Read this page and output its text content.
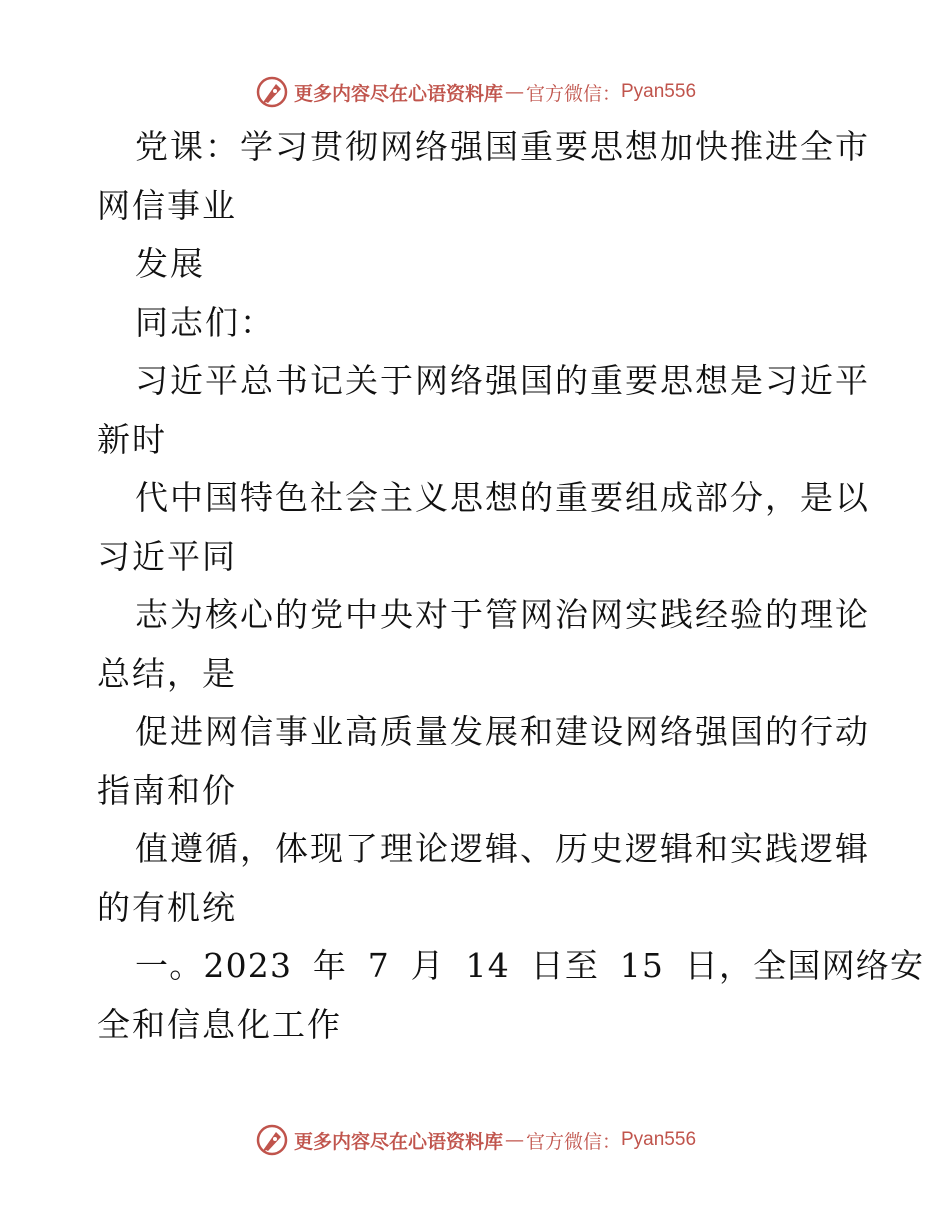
更多内容尽在心语资料库 — 官方微信： Pyan556
党课：学习贯彻网络强国重要思想加快推进全市
网信事业
发展
同志们：
习近平总书记关于网络强国的重要思想是习近平
新时
代中国特色社会主义思想的重要组成部分，是以
习近平同
志为核心的党中央对于管网治网实践经验的理论
总结，是
促进网信事业高质量发展和建设网络强国的行动
指南和价
值遵循，体现了理论逻辑、历史逻辑和实践逻辑
的有机统
一。2023 年 7 月 14 日至 15 日，全国网络安
全和信息化工作
更多内容尽在心语资料库 — 官方微信： Pyan556
